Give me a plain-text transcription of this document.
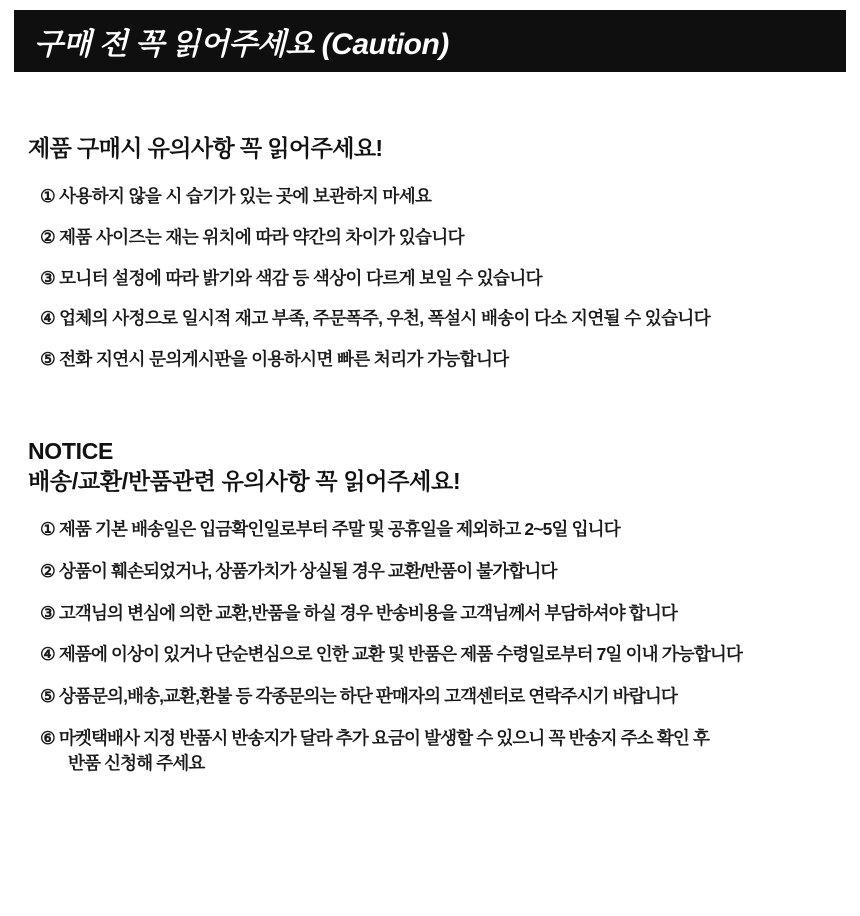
구매 전 꼭 읽어주세요 (Caution)
제품 구매시 유의사항 꼭 읽어주세요!
① 사용하지 않을 시 습기가 있는 곳에 보관하지 마세요
② 제품 사이즈는 재는 위치에 따라 약간의 차이가 있습니다
③ 모니터 설정에 따라 밝기와 색감 등 색상이 다르게 보일 수 있습니다
④ 업체의 사정으로 일시적 재고 부족, 주문폭주, 우천, 폭설시 배송이 다소 지연될 수 있습니다
⑤ 전화 지연시 문의게시판을 이용하시면 빠른 처리가 가능합니다
NOTICE
배송/교환/반품관련 유의사항 꼭 읽어주세요!
① 제품 기본 배송일은 입금확인일로부터 주말 및 공휴일을 제외하고 2~5일 입니다
② 상품이 훼손되었거나, 상품가치가 상실될 경우 교환/반품이 불가합니다
③ 고객님의 변심에 의한 교환,반품을 하실 경우 반송비용을 고객님께서 부담하셔야 합니다
④ 제품에 이상이 있거나 단순변심으로 인한 교환 및 반품은 제품 수령일로부터 7일 이내 가능합니다
⑤ 상품문의,배송,교환,환불 등 각종문의는 하단 판매자의 고객센터로 연락주시기 바랍니다
⑥ 마켓택배사 지정 반품시 반송지가 달라 추가 요금이 발생할 수 있으니 꼭 반송지 주소 확인 후
반품 신청해 주세요
